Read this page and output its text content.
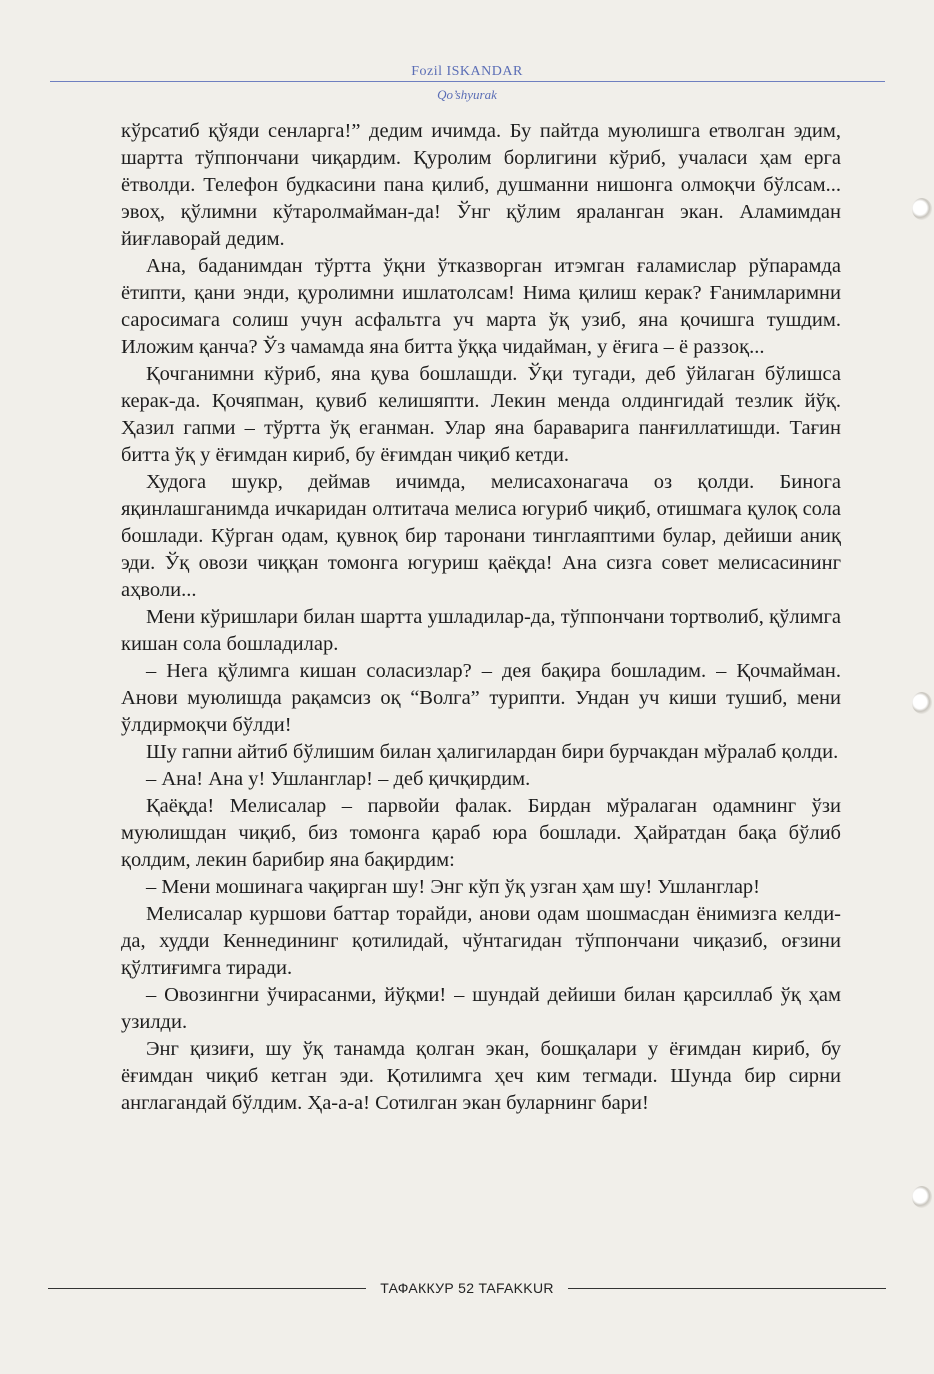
Fozil ISKANDAR
Qo’shyurak

кўрсатиб қўяди сенларга!” дедим ичимда. Бу пайтда муюлишга етволган эдим, шартта тўппончани чиқардим. Қуролим борлигини кўриб, учаласи ҳам ерга ётволди. Телефон будкасини пана қилиб, душманни нишонга олмоқчи бўлсам... эвоҳ, қўлимни кўтаролмайман-да! Ўнг қўлим яраланган экан. Аламимдан йиғлаворай дедим.

Ана, баданимдан тўртта ўқни ўтказворган итэмган ғаламислар рўпарамда ётипти, қани энди, қуролимни ишлатолсам! Нима қилиш керак? Ғанимларимни саросимага солиш учун асфальтга уч марта ўқ узиб, яна қочишга тушдим. Иложим қанча? Ўз чамамда яна битта ўққа чидайман, у ёғига – ё раззоқ...

Қочганимни кўриб, яна қува бошлашди. Ўқи тугади, деб ўйлаган бўлишса керак-да. Қочяпман, қувиб келишяпти. Лекин менда олдингидай тезлик йўқ. Ҳазил гапми – тўртта ўқ еганман. Улар яна бараварига панғиллатишди. Тағин битта ўқ у ёғимдан кириб, бу ёғимдан чиқиб кетди.

Худога шукр, деймав ичимда, мелисахонагача оз қолди. Бинога яқинлашганимда ичкаридан олтитача мелиса югуриб чиқиб, отишмага қулоқ сола бошлади. Кўрган одам, қувноқ бир таронани тинглаяптими булар, дейиши аниқ эди. Ўқ овози чиққан томонга югуриш қаёқда! Ана сизга совет мелисасининг аҳволи...

Мени кўришлари билан шартта ушладилар-да, тўппончани тортволиб, қўлимга кишан сола бошладилар.

– Нега қўлимга кишан соласизлар? – дея бақира бошладим. – Қочмайман. Анови муюлишда рақамсиз оқ “Волга” турипти. Ундан уч киши тушиб, мени ўлдирмоқчи бўлди!

Шу гапни айтиб бўлишим билан ҳалигилардан бири бурчакдан мўралаб қолди.

– Ана! Ана у! Ушланглар! – деб қичқирдим.

Қаёқда! Мелисалар – парвойи фалак. Бирдан мўралаган одамнинг ўзи муюлишдан чиқиб, биз томонга қараб юра бошлади. Ҳайратдан бақа бўлиб қолдим, лекин барибир яна бақирдим:

– Мени мошинага чақирган шу! Энг кўп ўқ узган ҳам шу! Ушланглар!

Мелисалар куршови баттар торайди, анови одам шошмасдан ёнимизга келди-да, худди Кеннедининг қотилидай, чўнтагидан тўппончани чиқазиб, оғзини қўлтиғимга тиради.

– Овозингни ўчирасанми, йўқми! – шундай дейиши билан қарсиллаб ўқ ҳам узилди.

Энг қизиғи, шу ўқ танамда қолган экан, бошқалари у ёғимдан кириб, бу ёғимдан чиқиб кетган эди. Қотилимга ҳеч ким тегмади. Шунда бир сирни англагандай бўлдим. Ҳа-а-а! Сотилган экан буларнинг бари!

ТАФАККУР 52 TAFAKKUR
